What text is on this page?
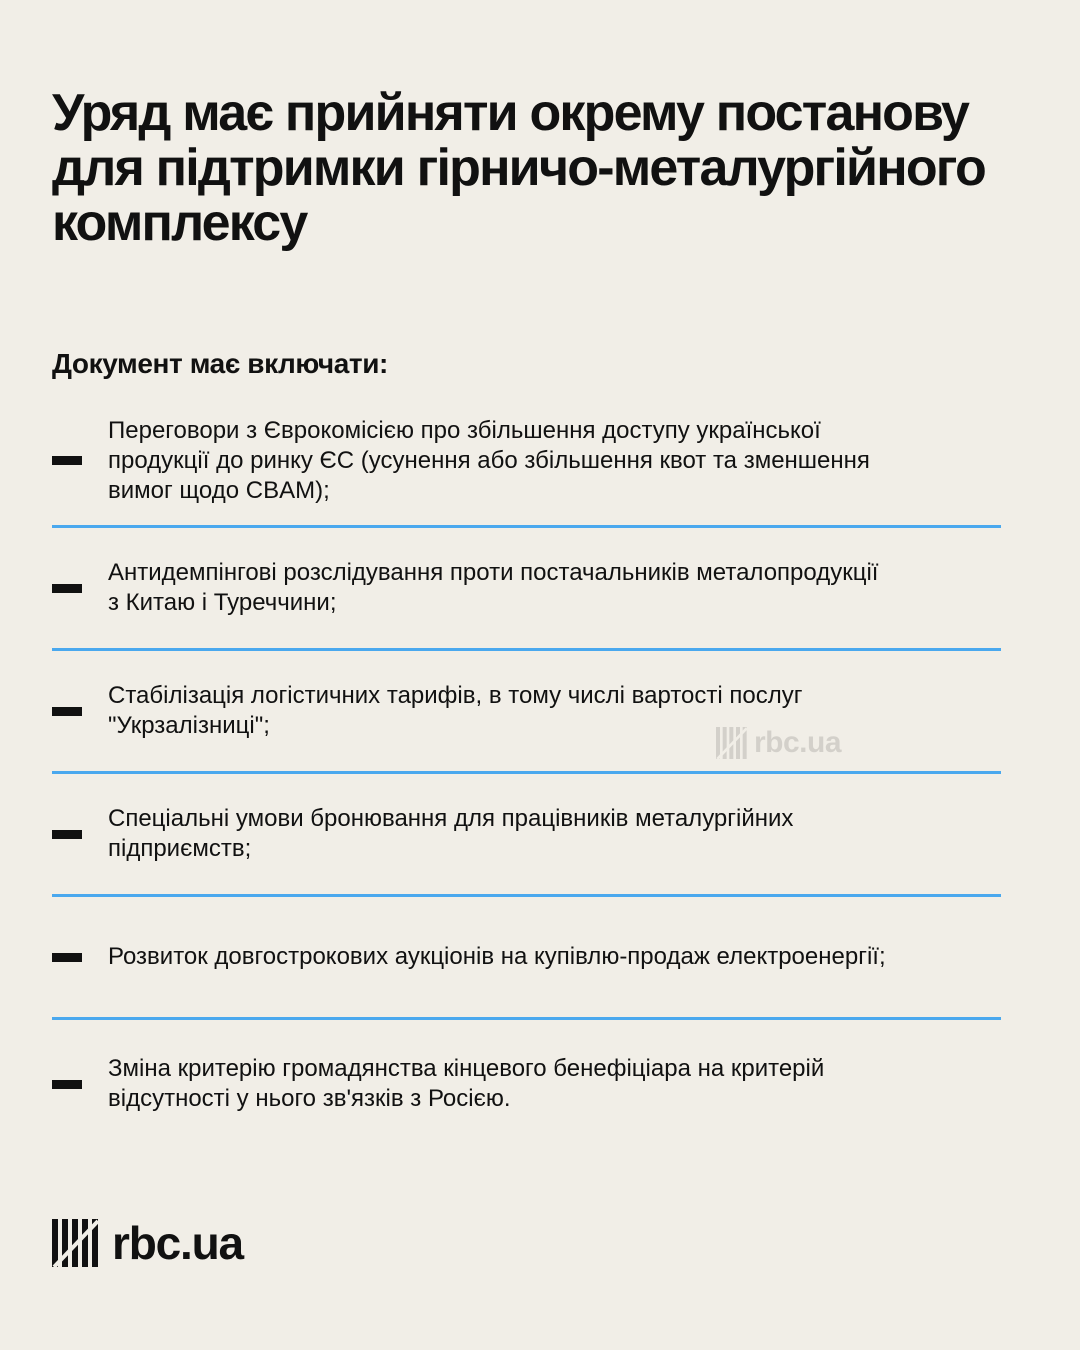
Уряд має прийняти окрему постанову
для підтримки гірничо-металургійного
комплексу
Документ має включати:
Переговори з Єврокомісією про збільшення доступу української
продукції до ринку ЄС (усунення або збільшення квот та зменшення
вимог щодо CBAM);
Антидемпінгові розслідування проти постачальників металопродукції
з Китаю і Туреччини;
Стабілізація логістичних тарифів, в тому числі вартості послуг
"Укрзалізниці";
Спеціальні умови бронювання для працівників металургійних
підприємств;
Розвиток довгострокових аукціонів на купівлю-продаж електроенергії;
Зміна критерію громадянства кінцевого бенефіціара на критерій
відсутності у нього зв'язків з Росією.
rbc.ua
rbc.ua
